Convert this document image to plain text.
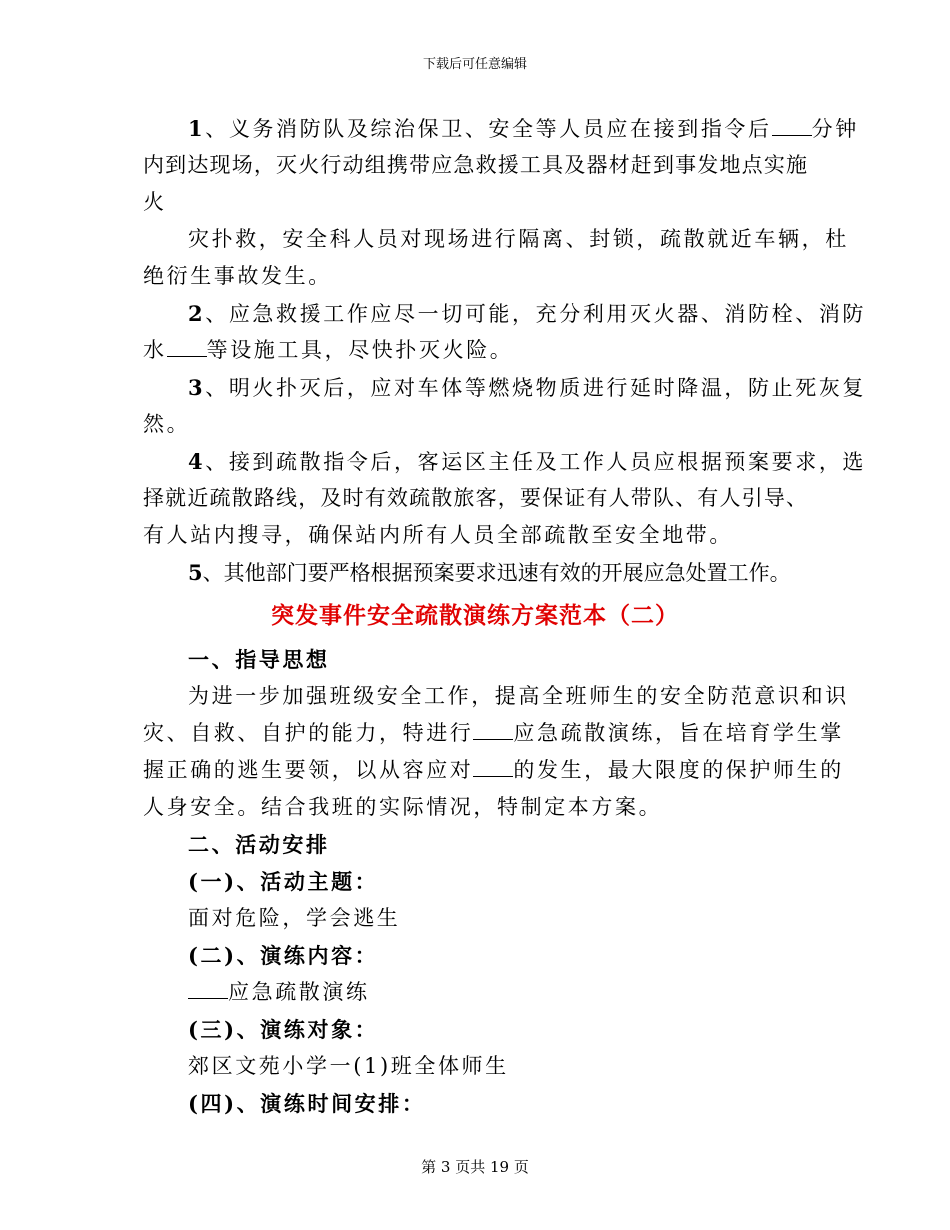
下载后可任意编辑
1、义务消防队及综治保卫、安全等人员应在接到指令后 分钟
内到达现场，灭火行动组携带应急救援工具及器材赶到事发地点实施
火
灾扑救，安全科人员对现场进行隔离、封锁，疏散就近车辆，杜
绝衍生事故发生。
2、应急救援工作应尽一切可能，充分利用灭火器、消防栓、消防
水 等设施工具，尽快扑灭火险。
3、明火扑灭后，应对车体等燃烧物质进行延时降温，防止死灰复
然。
4、接到疏散指令后，客运区主任及工作人员应根据预案要求，选
择就近疏散路线，及时有效疏散旅客，要保证有人带队、有人引导、
有人站内搜寻，确保站内所有人员全部疏散至安全地带。
5、其他部门要严格根据预案要求迅速有效的开展应急处置工作。
突发事件安全疏散演练方案范本（二）
一、指导思想
为进一步加强班级安全工作，提高全班师生的安全防范意识和识
灾、自救、自护的能力，特进行 应急疏散演练，旨在培育学生掌
握正确的逃生要领，以从容应对 的发生，最大限度的保护师生的
人身安全。结合我班的实际情况，特制定本方案。
二、活动安排
(一)、活动主题：
面对危险，学会逃生
(二)、演练内容：
应急疏散演练
(三)、演练对象：
郊区文苑小学一(1)班全体师生
(四)、演练时间安排：
第 3 页共 19 页
